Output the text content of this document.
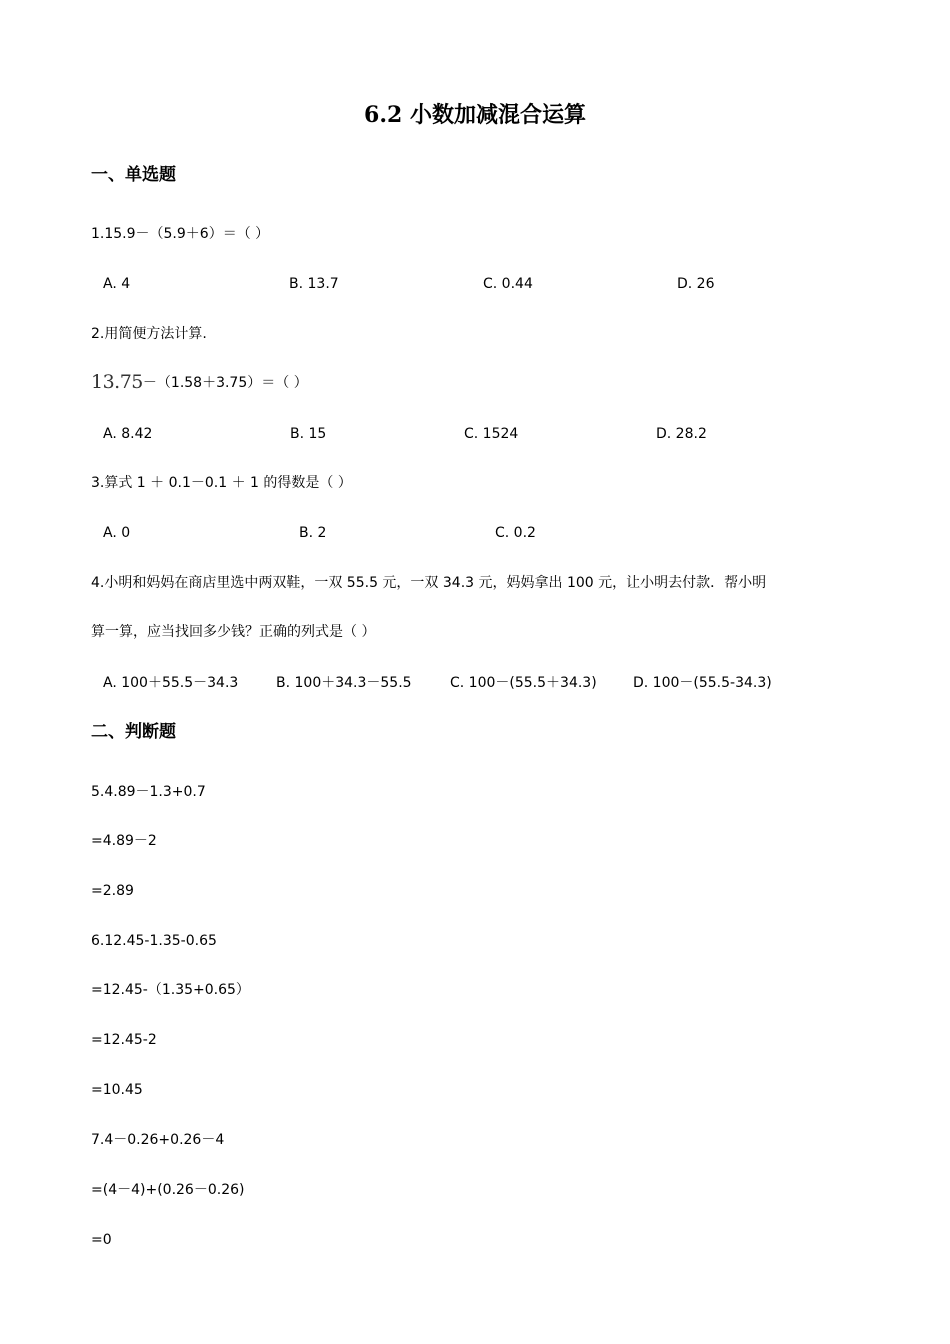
6.2 小数加减混合运算
一、单选题
1.15.9－（5.9＋6）＝（ ）
A. 4	B. 13.7	C. 0.44	D. 26
2.用简便方法计算.
13.75－（1.58＋3.75）＝（ ）
A. 8.42	B. 15	C. 1524	D. 28.2
3.算式 1 ＋ 0.1－0.1 ＋ 1 的得数是（ ）
A. 0	B. 2	C. 0.2
4.小明和妈妈在商店里选中两双鞋，一双 55.5 元，一双 34.3 元，妈妈拿出 100 元，让小明去付款．帮小明
算一算，应当找回多少钱？正确的列式是（ ）
A. 100＋55.5－34.3	B. 100＋34.3－55.5	C. 100－(55.5＋34.3)	D. 100－(55.5-34.3)
二、判断题
5.4.89－1.3+0.7
=4.89－2
=2.89
6.12.45-1.35-0.65
=12.45-（1.35+0.65）
=12.45-2
=10.45
7.4－0.26+0.26－4
=(4－4)+(0.26－0.26)
=0
